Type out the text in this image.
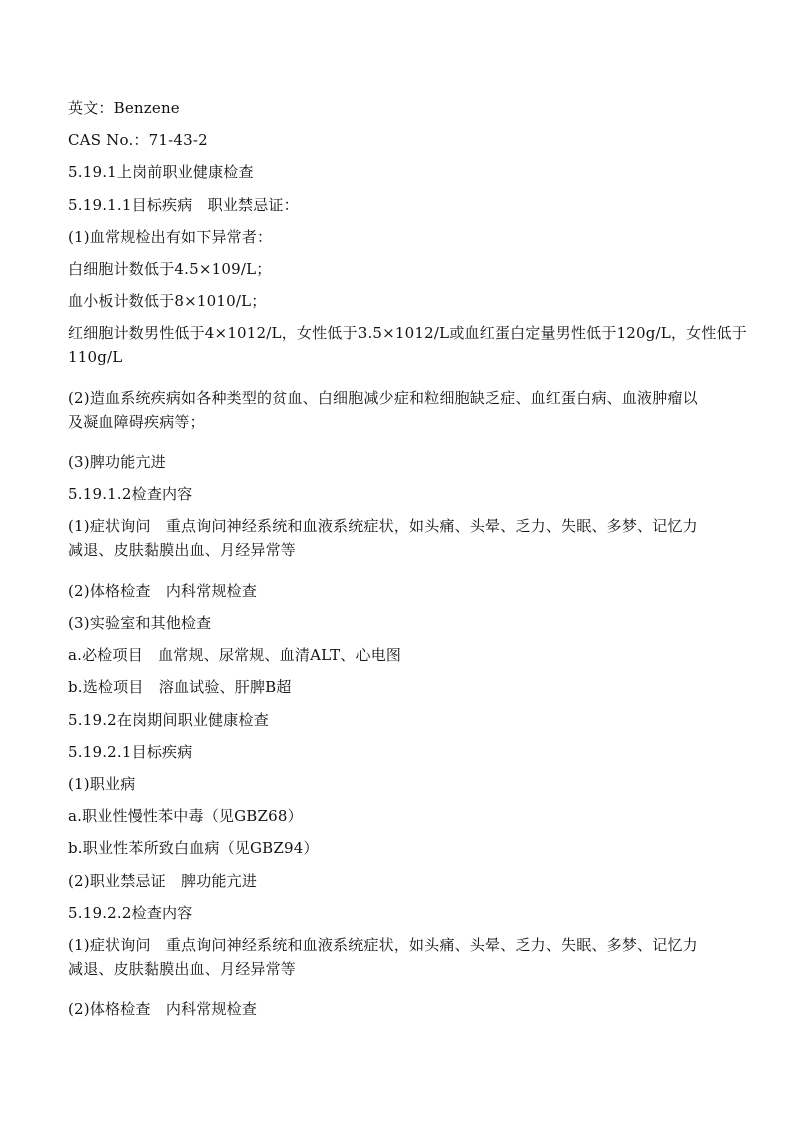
英文：Benzene
CAS No.：71-43-2
5.19.1上岗前职业健康检查
5.19.1.1目标疾病　职业禁忌证：
(1)血常规检出有如下异常者：
白细胞计数低于4.5×109/L；
血小板计数低于8×1010/L；
红细胞计数男性低于4×1012/L，女性低于3.5×1012/L或血红蛋白定量男性低于120g/L，女性低于
110g/L
(2)造血系统疾病如各种类型的贫血、白细胞减少症和粒细胞缺乏症、血红蛋白病、血液肿瘤以
及凝血障碍疾病等；
(3)脾功能亢进
5.19.1.2检查内容
(1)症状询问　重点询问神经系统和血液系统症状，如头痛、头晕、乏力、失眠、多梦、记忆力
减退、皮肤黏膜出血、月经异常等
(2)体格检查　内科常规检查
(3)实验室和其他检查
a.必检项目　血常规、尿常规、血清ALT、心电图
b.选检项目　溶血试验、肝脾B超
5.19.2在岗期间职业健康检查
5.19.2.1目标疾病
(1)职业病
a.职业性慢性苯中毒（见GBZ68）
b.职业性苯所致白血病（见GBZ94）
(2)职业禁忌证　脾功能亢进
5.19.2.2检查内容
(1)症状询问　重点询问神经系统和血液系统症状，如头痛、头晕、乏力、失眠、多梦、记忆力
减退、皮肤黏膜出血、月经异常等
(2)体格检查　内科常规检查
